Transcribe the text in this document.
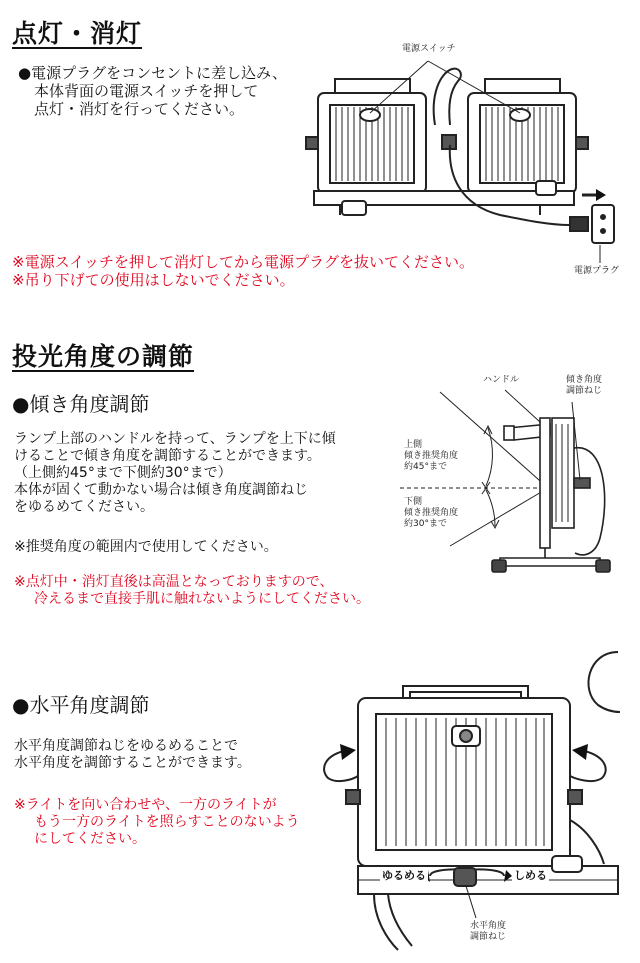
点灯・消灯
●電源プラグをコンセントに差し込み、
本体背面の電源スイッチを押して
点灯・消灯を行ってください。
※電源スイッチを押して消灯してから電源プラグを抜いてください。
※吊り下げての使用はしないでください。
電源スイッチ
電源プラグ
投光角度の調節
●傾き角度調節
ランプ上部のハンドルを持って、ランプを上下に傾
けることで傾き角度を調節することができます。
（上側約45°まで下側約30°まで）
本体が固くて動かない場合は傾き角度調節ねじ
をゆるめてください。
※推奨角度の範囲内で使用してください。
※点灯中・消灯直後は高温となっておりますので、
冷えるまで直接手肌に触れないようにしてください。
ハンドル	傾き角度
調節ねじ
上側
傾き推奨角度
約45°まで
下側
傾き推奨角度
約30°まで
●水平角度調節
水平角度調節ねじをゆるめることで
水平角度を調節することができます。
※ライトを向い合わせや、一方のライトが
もう一方のライトを照らすことのないよう
にしてください。
ゆるめる	しめる
水平角度
調節ねじ
